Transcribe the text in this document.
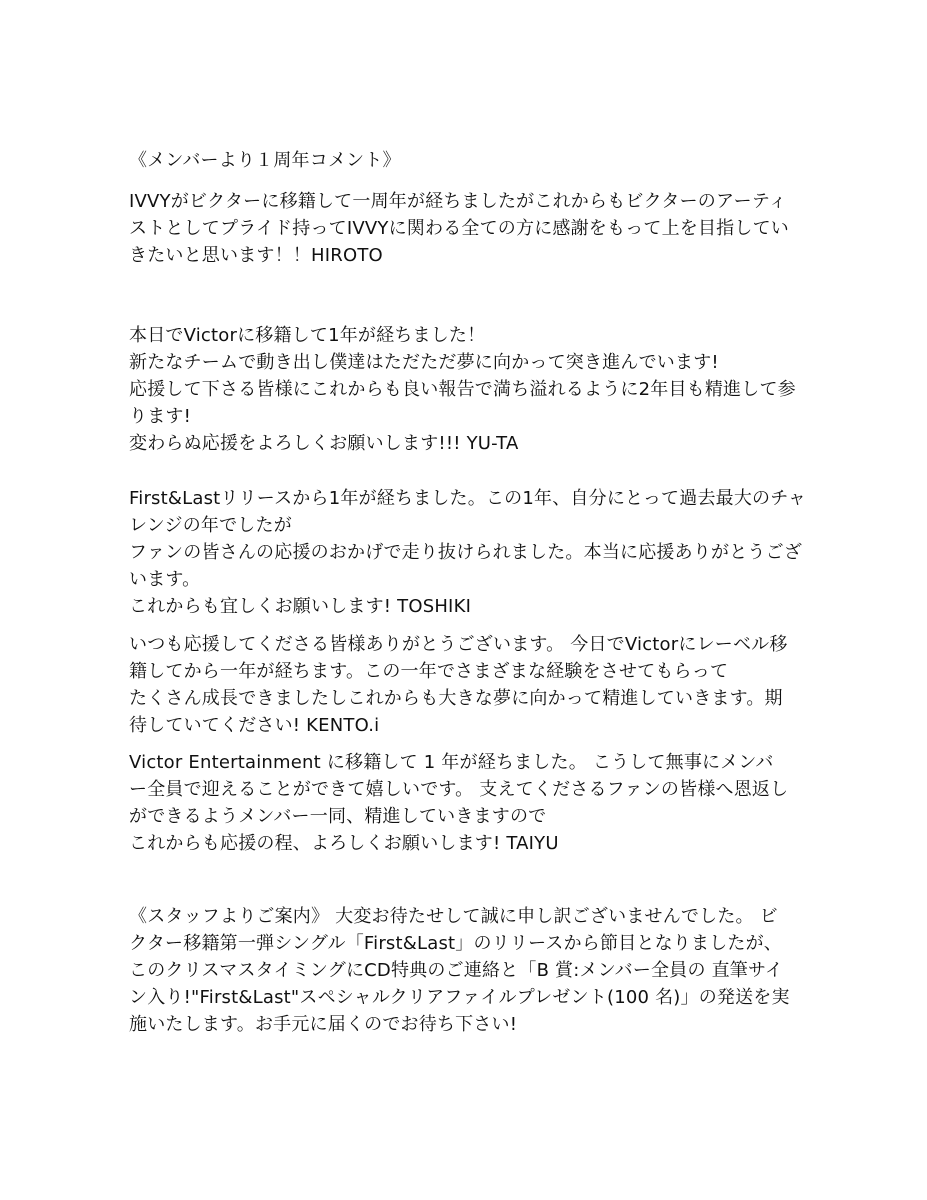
《メンバーより１周年コメント》

IVVYがビクターに移籍して一周年が経ちましたがこれからもビクターのアーティ
ストとしてプライド持ってIVVYに関わる全ての方に感謝をもって上を目指してい
きたいと思います！！HIROTO
本日でVictorに移籍して1年が経ちました！
新たなチームで動き出し僕達はただただ夢に向かって突き進んでいます!
応援して下さる皆様にこれからも良い報告で満ち溢れるように2年目も精進して参
ります!
変わらぬ応援をよろしくお願いします!!! YU-TA
First&Lastリリースから1年が経ちました。この1年、自分にとって過去最大のチャ
レンジの年でしたが
ファンの皆さんの応援のおかげで走り抜けられました。本当に応援ありがとうござ
います。
これからも宜しくお願いします! TOSHIKI
いつも応援してくださる皆様ありがとうございます。 今日でVictorにレーベル移
籍してから一年が経ちます。この一年でさまざまな経験をさせてもらって
たくさん成長できましたしこれからも大きな夢に向かって精進していきます。期
待していてください! KENTO.i
Victor Entertainment に移籍して 1 年が経ちました。 こうして無事にメンバ
ー全員で迎えることができて嬉しいです。 支えてくださるファンの皆様へ恩返し
ができるようメンバー一同、精進していきますので
これからも応援の程、よろしくお願いします! TAIYU
《スタッフよりご案内》 大変お待たせして誠に申し訳ございませんでした。 ビ
クター移籍第一弾シングル「First&Last」のリリースから節目となりましたが、
このクリスマスタイミングにCD特典のご連絡と「B 賞:メンバー全員の 直筆サイ
ン入り!"First&Last"スペシャルクリアファイルプレゼント(100 名)」の発送を実
施いたします。お手元に届くのでお待ち下さい!
